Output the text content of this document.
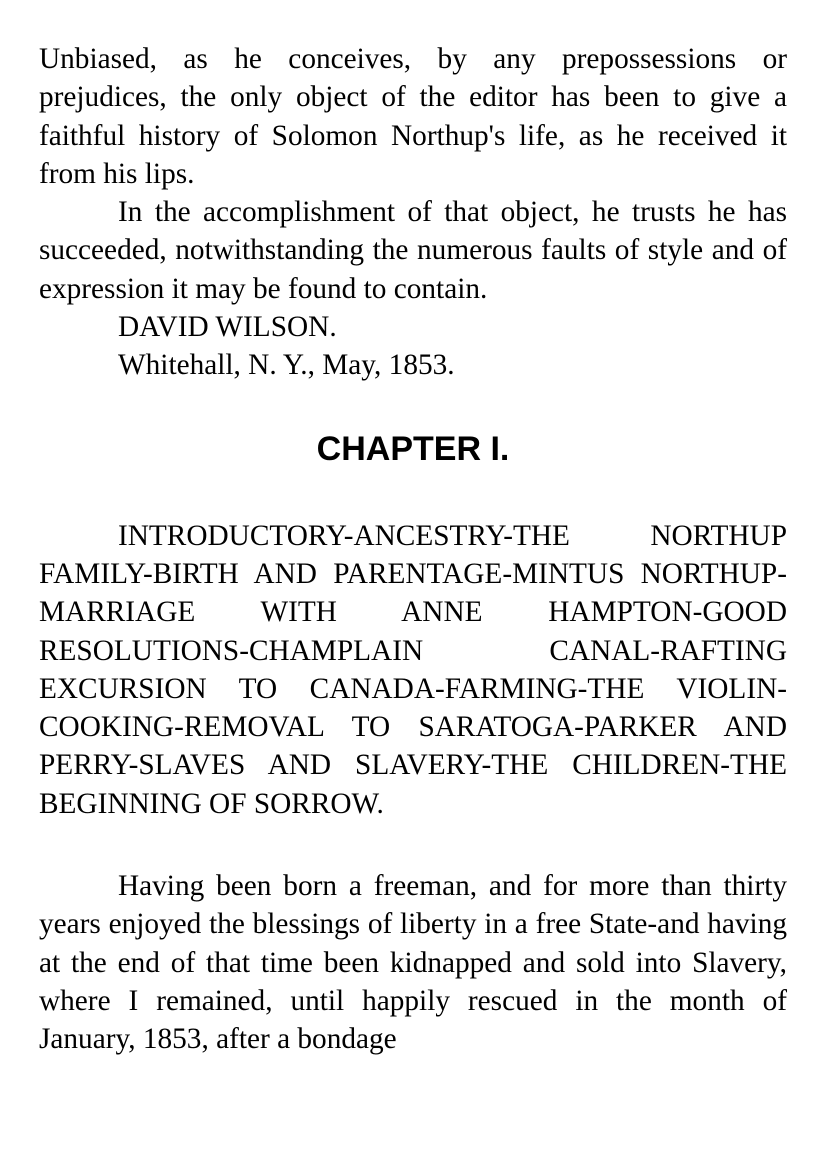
Unbiased, as he conceives, by any prepossessions or prejudices, the only object of the editor has been to give a faithful history of Solomon Northup's life, as he received it from his lips.

In the accomplishment of that object, he trusts he has succeeded, notwithstanding the numerous faults of style and of expression it may be found to contain.

DAVID WILSON.

Whitehall, N. Y., May, 1853.

CHAPTER I.

INTRODUCTORY-ANCESTRY-THE NORTHUP FAMILY-BIRTH AND PARENTAGE-MINTUS NORTHUP-MARRIAGE WITH ANNE HAMPTON-GOOD RESOLUTIONS-CHAMPLAIN CANAL-RAFTING EXCURSION TO CANADA-FARMING-THE VIOLIN-COOKING-REMOVAL TO SARATOGA-PARKER AND PERRY-SLAVES AND SLAVERY-THE CHILDREN-THE BEGINNING OF SORROW.

Having been born a freeman, and for more than thirty years enjoyed the blessings of liberty in a free State-and having at the end of that time been kidnapped and sold into Slavery, where I remained, until happily rescued in the month of January, 1853, after a bondage
